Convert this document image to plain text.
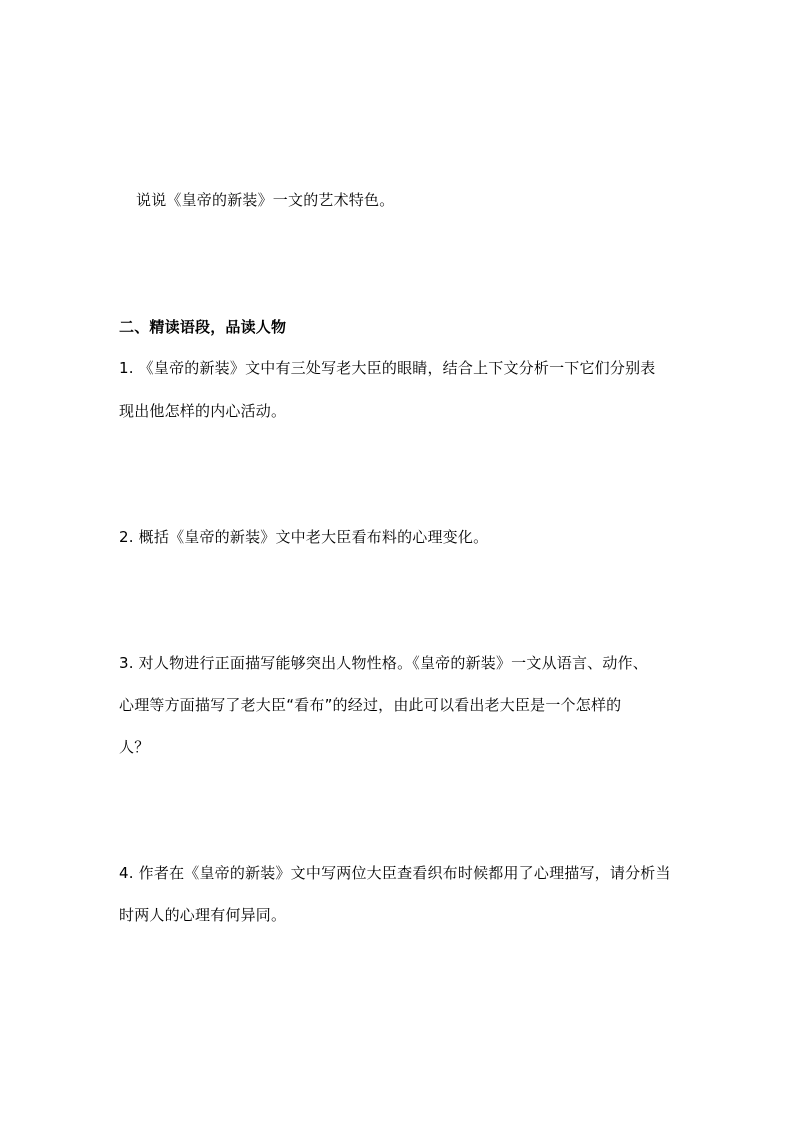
说说《皇帝的新装》一文的艺术特色。
二、精读语段，品读人物
1. 《皇帝的新装》文中有三处写老大臣的眼睛，结合上下文分析一下它们分别表
现出他怎样的内心活动。
2. 概括《皇帝的新装》文中老大臣看布料的心理变化。
3. 对人物进行正面描写能够突出人物性格。《皇帝的新装》一文从语言、动作、
心理等方面描写了老大臣“看布”的经过，由此可以看出老大臣是一个怎样的
人？
4. 作者在《皇帝的新装》文中写两位大臣查看织布时候都用了心理描写，请分析当
时两人的心理有何异同。
